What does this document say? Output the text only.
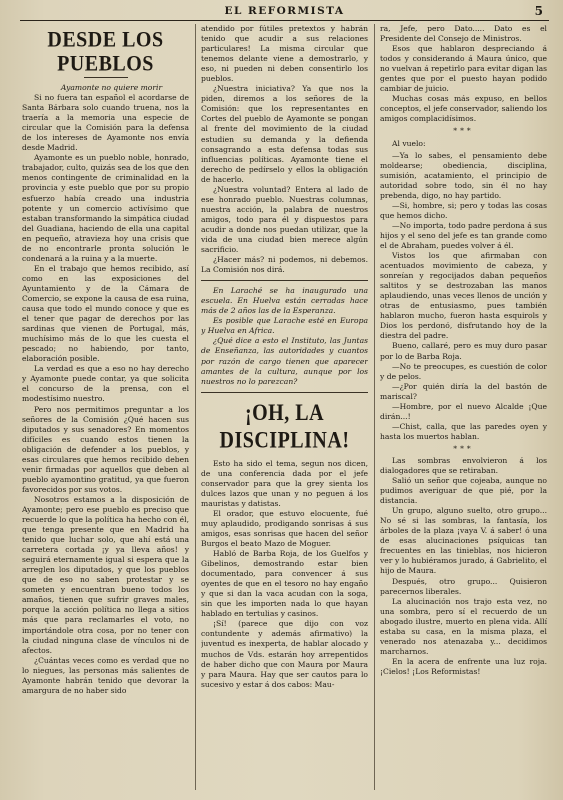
EL REFORMISTA	5
DESDE LOS PUEBLOS

Ayamonte no quiere morir

Si no fuera tan español el acordarse de Santa Bárbara solo cuando truena, nos la traería a la memoria una especie de circular que la Comisión para la defensa de los intereses de Ayamonte nos envía desde Madrid.

Ayamonte es un pueblo noble, honrado, trabajador, culto, quizás sea de los que den menos contingente de criminalidad en la provincia y este pueblo que por su propio esfuerzo había creado una industria potente y un comercio activísimo que estaban transformando la simpática ciudad del Guadiana, haciendo de ella una capital en pequeño, atravieza hoy una crisis que de no encontrarle pronta solución le condenará a la ruina y a la muerte.

En el trabajo que hemos recibido, así como en las exposiciones del Ayuntamiento y de la Cámara de Comercio, se expone la causa de esa ruina, causa que todo el mundo conoce y que es el tener que pagar de derechos por las sardinas que vienen de Portugal, más, muchísimo más de lo que les cuesta el pescado; no habiendo, por tanto, elaboración posible.

La verdad es que a eso no hay derecho y Ayamonte puede contar, ya que solicita el concurso de la prensa, con el modestísimo nuestro.

Pero nos permitimos preguntar a los señores de la Comisión ¿Qué hacen sus diputados y sus senadores? En momentos difíciles es cuando estos tienen la obligación de defender a los pueblos, y esas circulares que hemos recibido deben venir firmadas por aquellos que deben al pueblo ayamontino gratitud, ya que fueron favorecidos por sus votos.

Nosotros estamos a la disposición de Ayamonte; pero ese pueblo es preciso que recuerde lo que la política ha hecho con él, que tenga presente que en Madrid ha tenido que luchar solo, que ahí está una carretera cortada ¡y ya lleva años! y seguirá eternamente igual si espera que la arreglen los diputados, y que los pueblos que de eso no saben protestar y se someten y encuentran bueno todos los amaños, tienen que sufrir graves males, porque la acción política no llega a sitios más que para reclamarles el voto, no importándole otra cosa, por no tener con la ciudad ninguna clase de vínculos ni de afectos.

¿Cuántas veces como es verdad que no lo niegues, las personas más salientes de Ayamonte habrán tenido que devorar la amargura de no haber sido

atendido por fútiles pretextos y habrán tenido que acudir a sus relaciones particulares! La misma circular que tenemos delante viene a demostrarlo, y eso, ni pueden ni deben consentirlo los pueblos.

¿Nuestra iniciativa? Ya que nos la piden, diremos a los señores de la Comisión: que los representantes en Cortes del pueblo de Ayamonte se pongan al frente del movimiento de la ciudad estudien su demanda y la defienda consagrando a esta defensa todas sus influencias políticas. Ayamonte tiene el derecho de pedírselo y ellos la obligación de hacerlo.

¿Nuestra voluntad? Entera al lado de ese honrado pueblo. Nuestras columnas, nuestra acción, la palabra de nuestros amigos, todo para él y dispuestos para acudir a donde nos puedan utilizar, que la vida de una ciudad bien merece algún sacrificio.

¿Hacer más? ni podemos, ni debemos. La Comisión nos dirá.

En Laraché se ha inaugurado una escuela. En Huelva están cerradas hace más de 2 años las de la Esperanza.

Es posible que Larache esté en Europa y Huelva en Africa.

¿Qué dice a esto el Instituto, las Juntas de Enseñanza, las autoridades y cuantos por razón de cargo tienen que aparecer amantes de la cultura, aunque por los nuestros no lo parezcan?

¡OH, LA DISCIPLINA!

Esto ha sido el tema, segun nos dicen, de una conferencia dada por el jefe conservador para que la grey sienta los dulces lazos que unan y no peguen á los mauristas y datistas.

El orador, que estuvo elocuente, fué muy aplaudido, prodigando sonrisas á sus amigos, esas sonrisas que hacen del señor Burgos el beato Mazo de Moguer.

Habló de Barba Roja, de los Guelfos y Gibelinos, demostrando estar bien documentado, para convencer á sus oyentes de que en el tesoro no hay engaño y que si dan la vaca acudan con la soga, sin que les importen nada lo que hayan hablado en tertulias y casinos.

¡Sí! (parece que dijo con voz contundente y además afirmativo) la juventud es inexperta, de hablar alocado y muchos de Vds. estarán hoy arrepentidos de haber dicho que con Maura por Maura y para Maura. Hay que ser cautos para lo sucesivo y estar á dos cabos: Mau-

ra, Jefe, pero Dato..... Dato es el Presidente del Consejo de Ministros.

Esos que hablaron despreciando á todos y considerando á Maura único, que no vuelvan á repetirlo para evitar digan las gentes que por el puesto hayan podido cambiar de juicio.

Muchas cosas más expuso, en bellos conceptos, el jefe conservador, saliendo los amigos complacidísimos.

***

Al vuelo:

—Ya lo sabes, el pensamiento debe moldearse; obediencia, disciplina, sumisión, acatamiento, el principio de autoridad sobre todo, sin él no hay prebenda, digo, no hay partido.

—Si, hombre, si; pero y todas las cosas que hemos dicho.

—No importa, todo padre perdona á sus hijos y el seno del jefe es tan grande como el de Abraham, puedes volver á él.

Vistos los que afirmaban con acentuados movimiento de cabeza, y sonreían y regocijados daban pequeños saltitos y se destrozaban las manos aplaudiendo, unas veces llenos de unción y otras de entusiasmo, pues también hablaron mucho, fueron hasta esquirols y Dios los perdonó, disfrutando hoy de la diestra del padre.

Bueno, callaré, pero es muy duro pasar por lo de Barba Roja.

—No te preocupes, es cuestión de color y de pelos.

—¿Por quién diría la del bastón de mariscal?

—Hombre, por el nuevo Alcalde ¡Que dirán...!

—Chist, calla, que las paredes oyen y hasta los muertos hablan.

***

Las sombras envolvieron á los dialogadores que se retiraban.

Salió un señor que cojeaba, aunque no pudimos averiguar de que pié, por la distancia.

Un grupo, alguno suelto, otro grupo... No sé si las sombras, la fantasía, los árboles de la plaza ¡vaya V. á saber! ó una de esas alucinaciones psíquicas tan frecuentes en las tinieblas, nos hicieron ver y lo hubiéramos jurado, á Gabrielito, el hijo de Maura.

Después, otro grupo... Quisieron parecernos liberales.

La alucinación nos trajo esta vez, no una sombra, pero sí el recuerdo de un abogado ilustre, muerto en plena vida. Allí estaba su casa, en la misma plaza, el venerado nos atenazaba y... decidimos marcharnos.

En la acera de enfrente una luz roja. ¡Cielos! ¡Los Reformistas!
